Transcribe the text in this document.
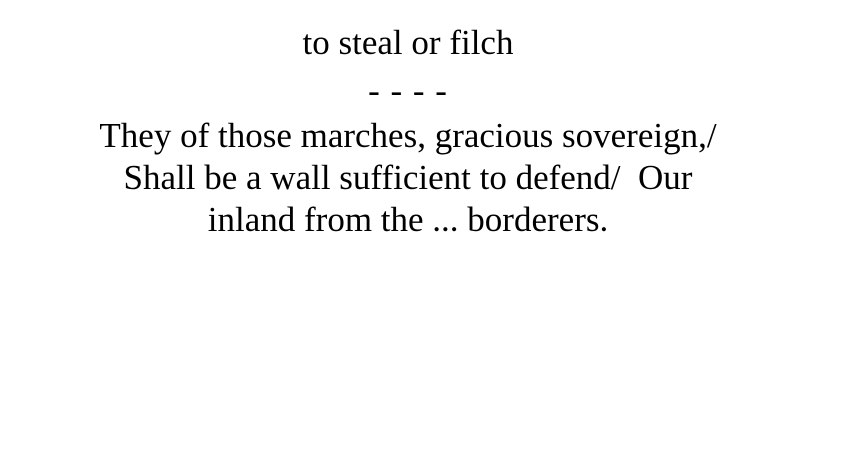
to steal or filch
- - - -
They of those marches, gracious sovereign,/
Shall be a wall sufficient to defend/  Our
inland from the ... borderers.
